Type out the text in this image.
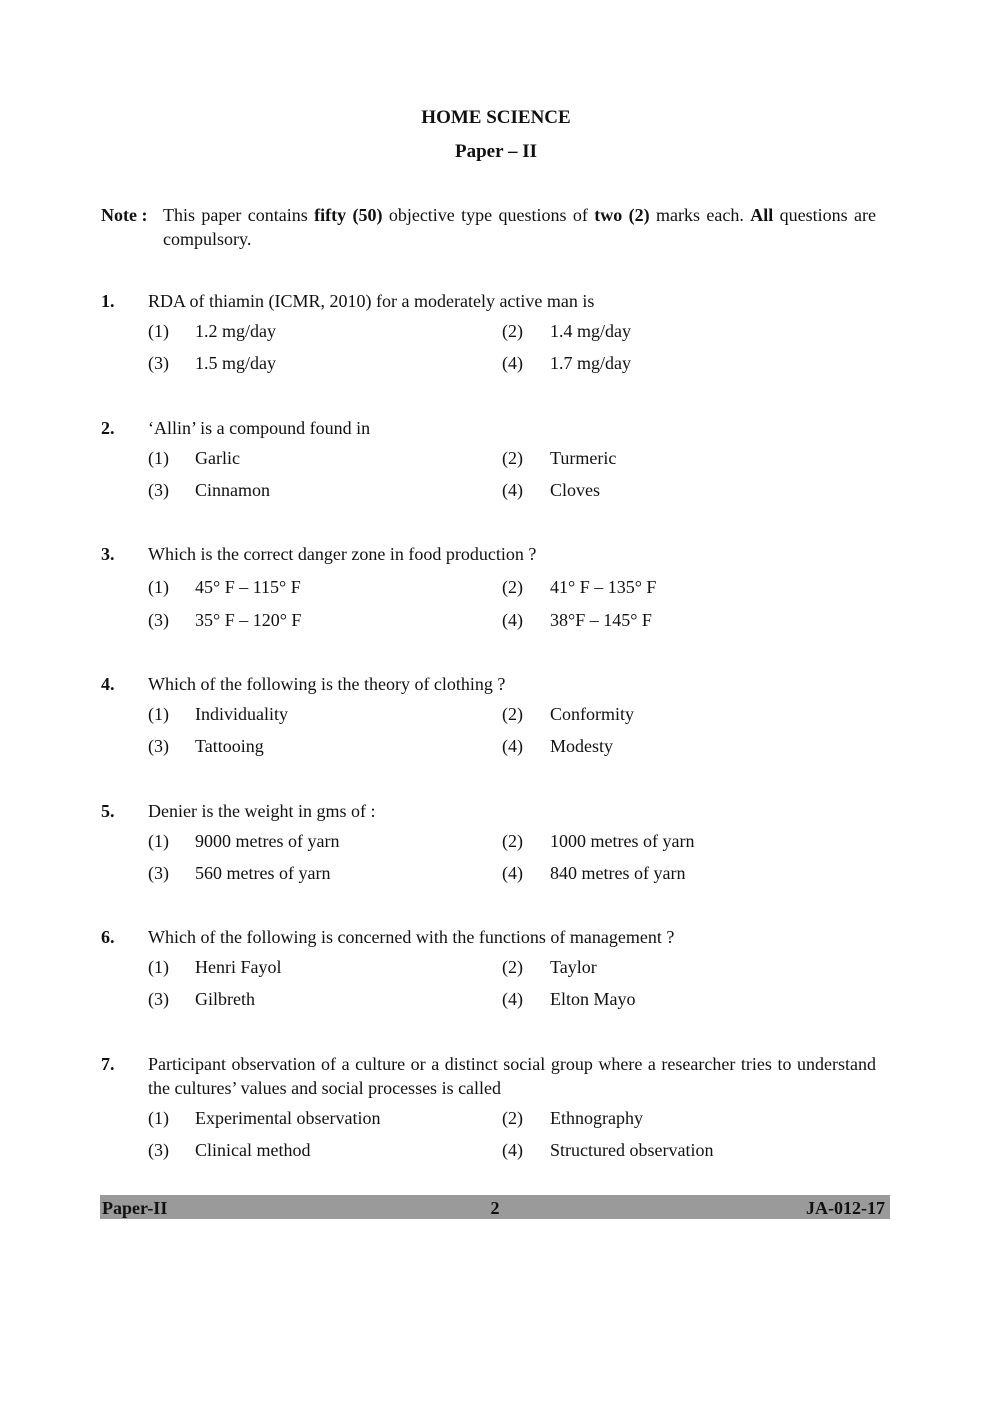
HOME SCIENCE
Paper – II
Note : This paper contains fifty (50) objective type questions of two (2) marks each. All questions are compulsory.
1. RDA of thiamin (ICMR, 2010) for a moderately active man is
(1) 1.2 mg/day	(2) 1.4 mg/day
(3) 1.5 mg/day	(4) 1.7 mg/day
2. ‘Allin’ is a compound found in
(1) Garlic	(2) Turmeric
(3) Cinnamon	(4) Cloves
3. Which is the correct danger zone in food production ?
(1) 45° F – 115° F	(2) 41° F – 135° F
(3) 35° F – 120° F	(4) 38°F – 145° F
4. Which of the following is the theory of clothing ?
(1) Individuality	(2) Conformity
(3) Tattooing	(4) Modesty
5. Denier is the weight in gms of :
(1) 9000 metres of yarn	(2) 1000 metres of yarn
(3) 560 metres of yarn	(4) 840 metres of yarn
6. Which of the following is concerned with the functions of management ?
(1) Henri Fayol	(2) Taylor
(3) Gilbreth	(4) Elton Mayo
7. Participant observation of a culture or a distinct social group where a researcher tries to understand the cultures’ values and social processes is called
(1) Experimental observation	(2) Ethnography
(3) Clinical method	(4) Structured observation
Paper-II	2	JA-012-17
